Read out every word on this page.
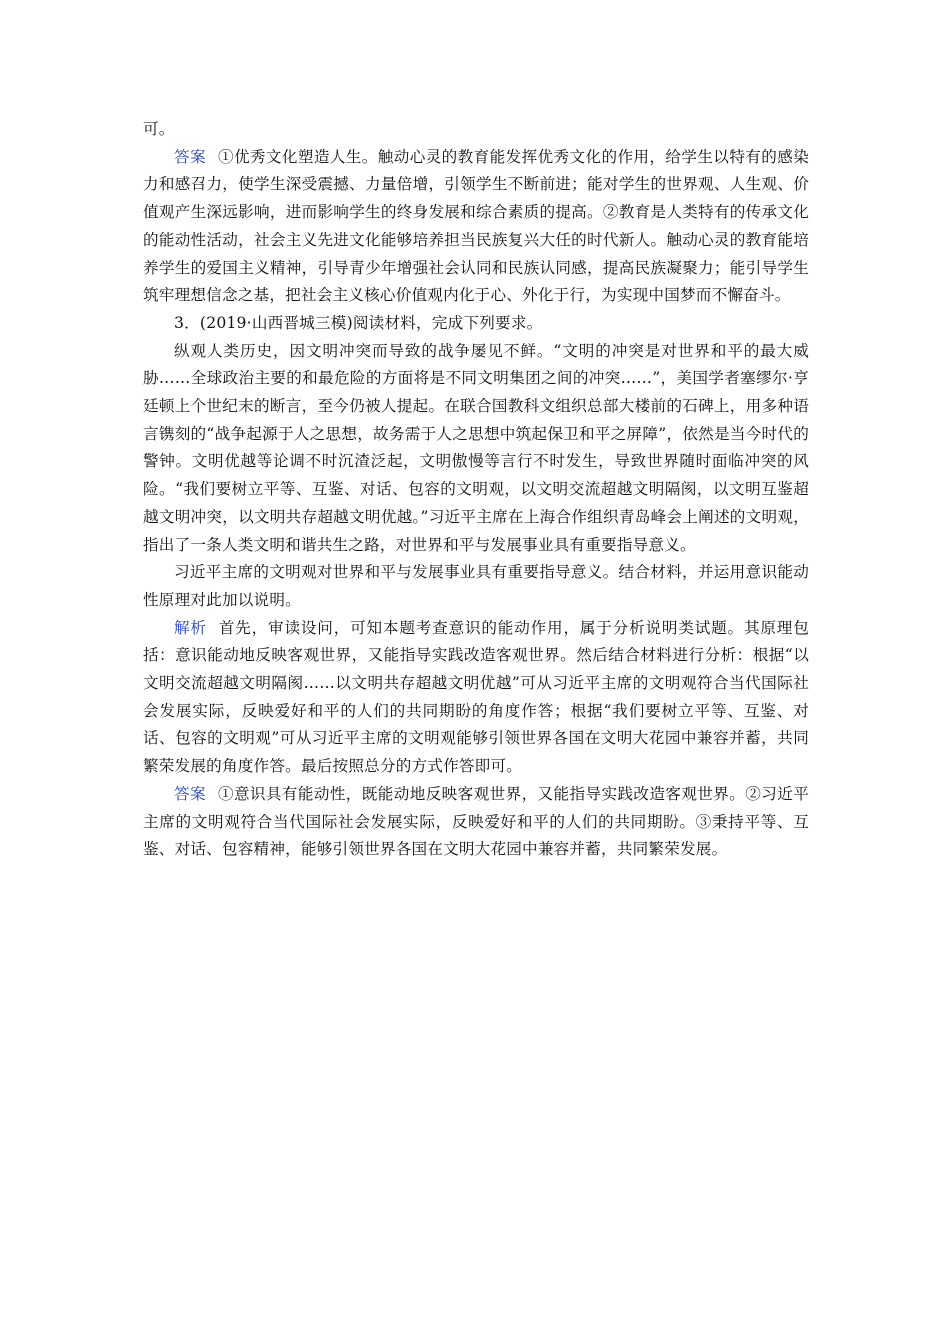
可。

答案 ①优秀文化塑造人生。触动心灵的教育能发挥优秀文化的作用，给学生以特有的感染力和感召力，使学生深受震撼、力量倍增，引领学生不断前进；能对学生的世界观、人生观、价值观产生深远影响，进而影响学生的终身发展和综合素质的提高。②教育是人类特有的传承文化的能动性活动，社会主义先进文化能够培养担当民族复兴大任的时代新人。触动心灵的教育能培养学生的爱国主义精神，引导青少年增强社会认同和民族认同感，提高民族凝聚力；能引导学生筑牢理想信念之基，把社会主义核心价值观内化于心、外化于行，为实现中国梦而不懈奋斗。

3．(2019·山西晋城三模)阅读材料，完成下列要求。

纵观人类历史，因文明冲突而导致的战争屡见不鲜。“文明的冲突是对世界和平的最大威胁……全球政治主要的和最危险的方面将是不同文明集团之间的冲突……”，美国学者塞缪尔·亨廷顿上个世纪末的断言，至今仍被人提起。在联合国教科文组织总部大楼前的石碑上，用多种语言镌刻的“战争起源于人之思想，故务需于人之思想中筑起保卫和平之屏障”，依然是当今时代的警钟。文明优越等论调不时沉渣泛起，文明傲慢等言行不时发生，导致世界随时面临冲突的风险。“我们要树立平等、互鉴、对话、包容的文明观，以文明交流超越文明隔阂，以文明互鉴超越文明冲突，以文明共存超越文明优越。”习近平主席在上海合作组织青岛峰会上阐述的文明观，指出了一条人类文明和谐共生之路，对世界和平与发展事业具有重要指导意义。

习近平主席的文明观对世界和平与发展事业具有重要指导意义。结合材料，并运用意识能动性原理对此加以说明。

解析 首先，审读设问，可知本题考查意识的能动作用，属于分析说明类试题。其原理包括：意识能动地反映客观世界，又能指导实践改造客观世界。然后结合材料进行分析：根据“以文明交流超越文明隔阂……以文明共存超越文明优越”可从习近平主席的文明观符合当代国际社会发展实际，反映爱好和平的人们的共同期盼的角度作答；根据“我们要树立平等、互鉴、对话、包容的文明观”可从习近平主席的文明观能够引领世界各国在文明大花园中兼容并蓄，共同繁荣发展的角度作答。最后按照总分的方式作答即可。

答案 ①意识具有能动性，既能动地反映客观世界，又能指导实践改造客观世界。②习近平主席的文明观符合当代国际社会发展实际，反映爱好和平的人们的共同期盼。③秉持平等、互鉴、对话、包容精神，能够引领世界各国在文明大花园中兼容并蓄，共同繁荣发展。
